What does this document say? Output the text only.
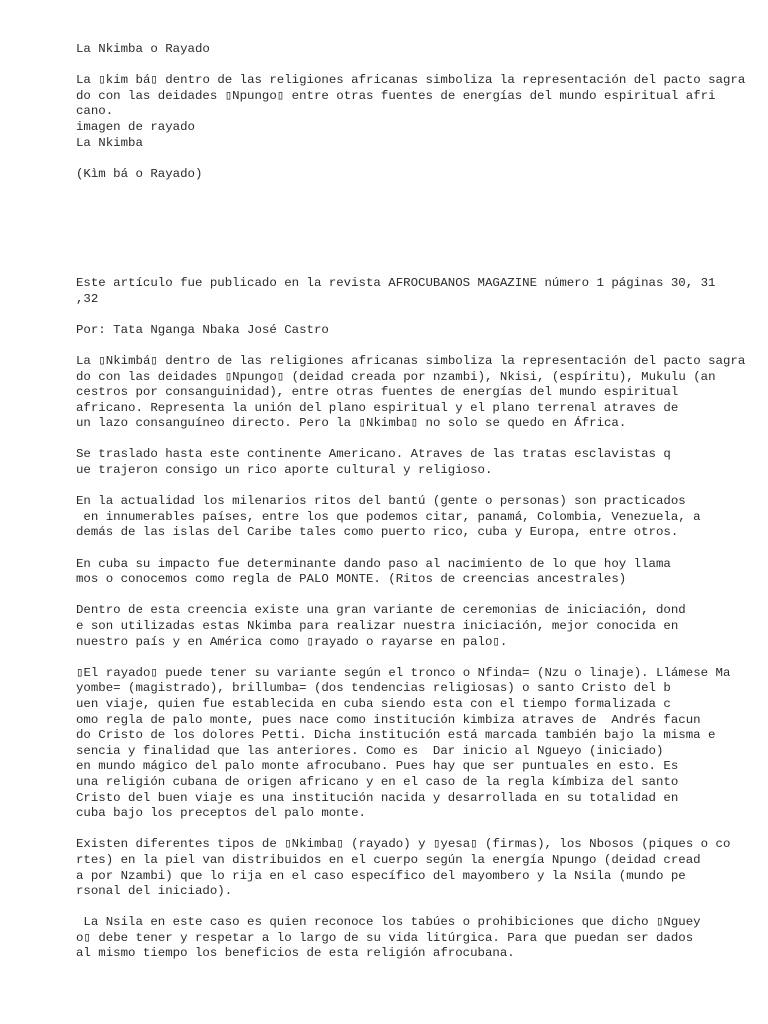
La Nkimba o Rayado
La ▯kim bá▯ dentro de las religiones africanas simboliza la representación del pacto sagra
do con las deidades ▯Npungo▯ entre otras fuentes de energías del mundo espiritual afri
cano.
imagen de rayado
La Nkimba
(Kìm bá o Rayado)
Este artículo fue publicado en la revista AFROCUBANOS MAGAZINE número 1 páginas 30, 31
,32
Por: Tata Nganga Nbaka José Castro
La ▯Nkimbá▯ dentro de las religiones africanas simboliza la representación del pacto sagra
do con las deidades ▯Npungo▯ (deidad creada por nzambi), Nkisi, (espíritu), Mukulu (an
cestros por consanguinidad), entre otras fuentes de energías del mundo espiritual
africano. Representa la unión del plano espiritual y el plano terrenal atraves de
un lazo consanguíneo directo. Pero la ▯Nkimba▯ no solo se quedo en África.
Se traslado hasta este continente Americano. Atraves de las tratas esclavistas q
ue trajeron consigo un rico aporte cultural y religioso.
En la actualidad los milenarios ritos del bantú (gente o personas) son practicados
en innumerables países, entre los que podemos citar, panamá, Colombia, Venezuela, a
demás de las islas del Caribe tales como puerto rico, cuba y Europa, entre otros.
En cuba su impacto fue determinante dando paso al nacimiento de lo que hoy llama
mos o conocemos como regla de PALO MONTE. (Ritos de creencias ancestrales)
Dentro de esta creencia existe una gran variante de ceremonias de iniciación, dond
e son utilizadas estas Nkimba para realizar nuestra iniciación, mejor conocida en
nuestro país y en América como ▯rayado o rayarse en palo▯.
▯El rayado▯ puede tener su variante según el tronco o Nfinda= (Nzu o linaje). Llámese Ma
yombe= (magistrado), brillumba= (dos tendencias religiosas) o santo Cristo del b
uen viaje, quien fue establecida en cuba siendo esta con el tiempo formalizada c
omo regla de palo monte, pues nace como institución kimbiza atraves de  Andrés facun
do Cristo de los dolores Petti. Dicha institución está marcada también bajo la misma e
sencia y finalidad que las anteriores. Como es  Dar inicio al Ngueyo (iniciado)
en mundo mágico del palo monte afrocubano. Pues hay que ser puntuales en esto. Es
una religión cubana de origen africano y en el caso de la regla kímbiza del santo
Cristo del buen viaje es una institución nacida y desarrollada en su totalidad en
cuba bajo los preceptos del palo monte.
Existen diferentes tipos de ▯Nkimba▯ (rayado) y ▯yesa▯ (firmas), los Nbosos (piques o co
rtes) en la piel van distribuidos en el cuerpo según la energía Npungo (deidad cread
a por Nzambi) que lo rija en el caso específico del mayombero y la Nsila (mundo pe
rsonal del iniciado).
La Nsila en este caso es quien reconoce los tabúes o prohibiciones que dicho ▯Nguey
o▯ debe tener y respetar a lo largo de su vida litúrgica. Para que puedan ser dados
al mismo tiempo los beneficios de esta religión afrocubana.
